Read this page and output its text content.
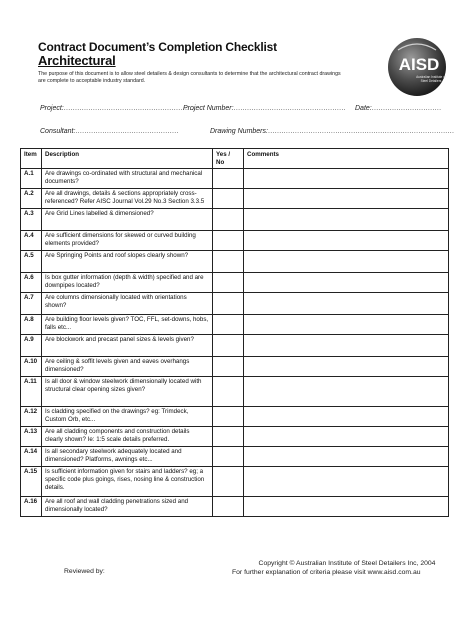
Contract Document’s Completion Checklist
Architectural
The purpose of this document is to allow steel detailers & design consultants to determine that the architectural contract drawings are complete to acceptable industry standard.
AISD
Australian Institute of
Steel Detailers
Project:...........................................................
Project Number:.................................................. Date:...............................
Consultant:..............................................	Drawing Numbers:...................................................................................
Item	Description	Yes / No	Comments
A.1	Are drawings co-ordinated with structural and mechanical documents?		
A.2	Are all drawings, details & sections appropriately cross-referenced? Refer AISC Journal Vol.29 No.3 Section 3.3.5		
A.3	Are Grid Lines labelled & dimensioned?		
A.4	Are sufficient dimensions for skewed or curved building elements provided?		
A.5	Are Springing Points and roof slopes clearly shown?		
A.6	Is box gutter information (depth & width) specified and are downpipes located?		
A.7	Are columns dimensionally located with orientations shown?		
A.8	Are building floor levels given? TOC, FFL, set-downs, hobs, falls etc...		
A.9	Are blockwork and precast panel sizes & levels given?		
A.10	Are ceiling & soffit levels given and eaves overhangs dimensioned?		
A.11	Is all door & window steelwork dimensionally located with structural clear opening sizes given?		
A.12	Is cladding specified on the drawings? eg: Trimdeck, Custom Orb, etc...		
A.13	Are all cladding components and construction details clearly shown? Ie: 1:5 scale details preferred.		
A.14	Is all secondary steelwork adequately located and dimensioned? Platforms, awnings etc...		
A.15	Is sufficient information given for stairs and ladders? eg; a specific code plus goings, rises, nosing line & construction details.		
A.16	Are all roof and wall cladding penetrations sized and dimensionally located?		
Copyright © Australian Institute of Steel Detailers Inc, 2004
For further explanation of criteria please visit www.aisd.com.au
Reviewed by:
